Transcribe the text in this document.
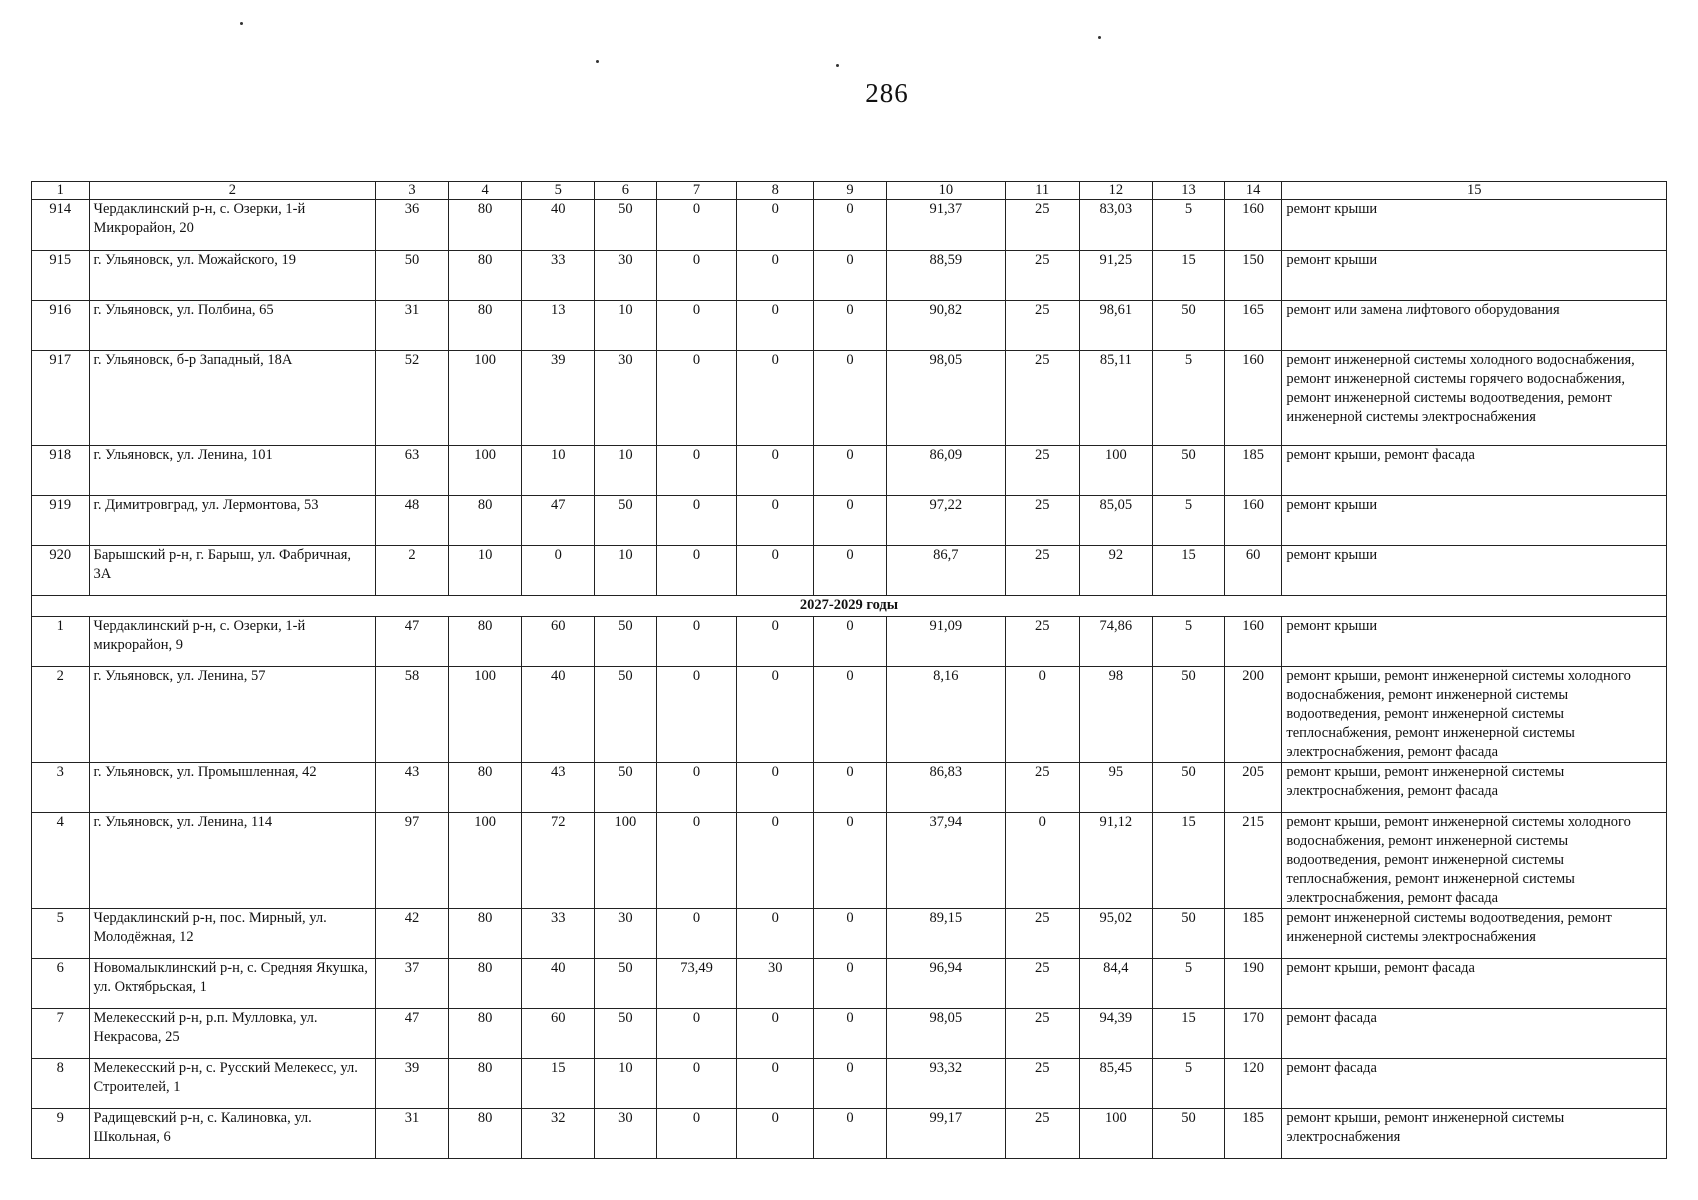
286
1	2	3	4	5	6	7	8	9	10	11	12	13	14	15
914	Чердаклинский р-н, с. Озерки, 1-й Микрорайон, 20	36	80	40	50	0	0	0	91,37	25	83,03	5	160	ремонт крыши
915	г. Ульяновск, ул. Можайского, 19	50	80	33	30	0	0	0	88,59	25	91,25	15	150	ремонт крыши
916	г. Ульяновск, ул. Полбина, 65	31	80	13	10	0	0	0	90,82	25	98,61	50	165	ремонт или замена лифтового оборудования
917	г. Ульяновск, б-р Западный, 18А	52	100	39	30	0	0	0	98,05	25	85,11	5	160	ремонт инженерной системы холодного водоснабжения, ремонт инженерной системы горячего водоснабжения, ремонт инженерной системы водоотведения, ремонт инженерной системы электроснабжения
918	г. Ульяновск, ул. Ленина, 101	63	100	10	10	0	0	0	86,09	25	100	50	185	ремонт крыши, ремонт фасада
919	г. Димитровград, ул. Лермонтова, 53	48	80	47	50	0	0	0	97,22	25	85,05	5	160	ремонт крыши
920	Барышский р-н, г. Барыш, ул. Фабричная, 3А	2	10	0	10	0	0	0	86,7	25	92	15	60	ремонт крыши
2027-2029 годы														
1	Чердаклинский р-н, с. Озерки, 1-й микрорайон, 9	47	80	60	50	0	0	0	91,09	25	74,86	5	160	ремонт крыши
2	г. Ульяновск, ул. Ленина, 57	58	100	40	50	0	0	0	8,16	0	98	50	200	ремонт крыши, ремонт инженерной системы холодного водоснабжения, ремонт инженерной системы водоотведения, ремонт инженерной системы теплоснабжения, ремонт инженерной системы электроснабжения, ремонт фасада
3	г. Ульяновск, ул. Промышленная, 42	43	80	43	50	0	0	0	86,83	25	95	50	205	ремонт крыши, ремонт инженерной системы электроснабжения, ремонт фасада
4	г. Ульяновск, ул. Ленина, 114	97	100	72	100	0	0	0	37,94	0	91,12	15	215	ремонт крыши, ремонт инженерной системы холодного водоснабжения, ремонт инженерной системы водоотведения, ремонт инженерной системы теплоснабжения, ремонт инженерной системы электроснабжения, ремонт фасада
5	Чердаклинский р-н, пос. Мирный, ул. Молодёжная, 12	42	80	33	30	0	0	0	89,15	25	95,02	50	185	ремонт инженерной системы водоотведения, ремонт инженерной системы электроснабжения
6	Новомалыклинский р-н, с. Средняя Якушка, ул. Октябрьская, 1	37	80	40	50	73,49	30	0	96,94	25	84,4	5	190	ремонт крыши, ремонт фасада
7	Мелекесский р-н, р.п. Мулловка, ул. Некрасова, 25	47	80	60	50	0	0	0	98,05	25	94,39	15	170	ремонт фасада
8	Мелекесский р-н, с. Русский Мелекесс, ул. Строителей, 1	39	80	15	10	0	0	0	93,32	25	85,45	5	120	ремонт фасада
9	Радищевский р-н, с. Калиновка, ул. Школьная, 6	31	80	32	30	0	0	0	99,17	25	100	50	185	ремонт крыши, ремонт инженерной системы электроснабжения
